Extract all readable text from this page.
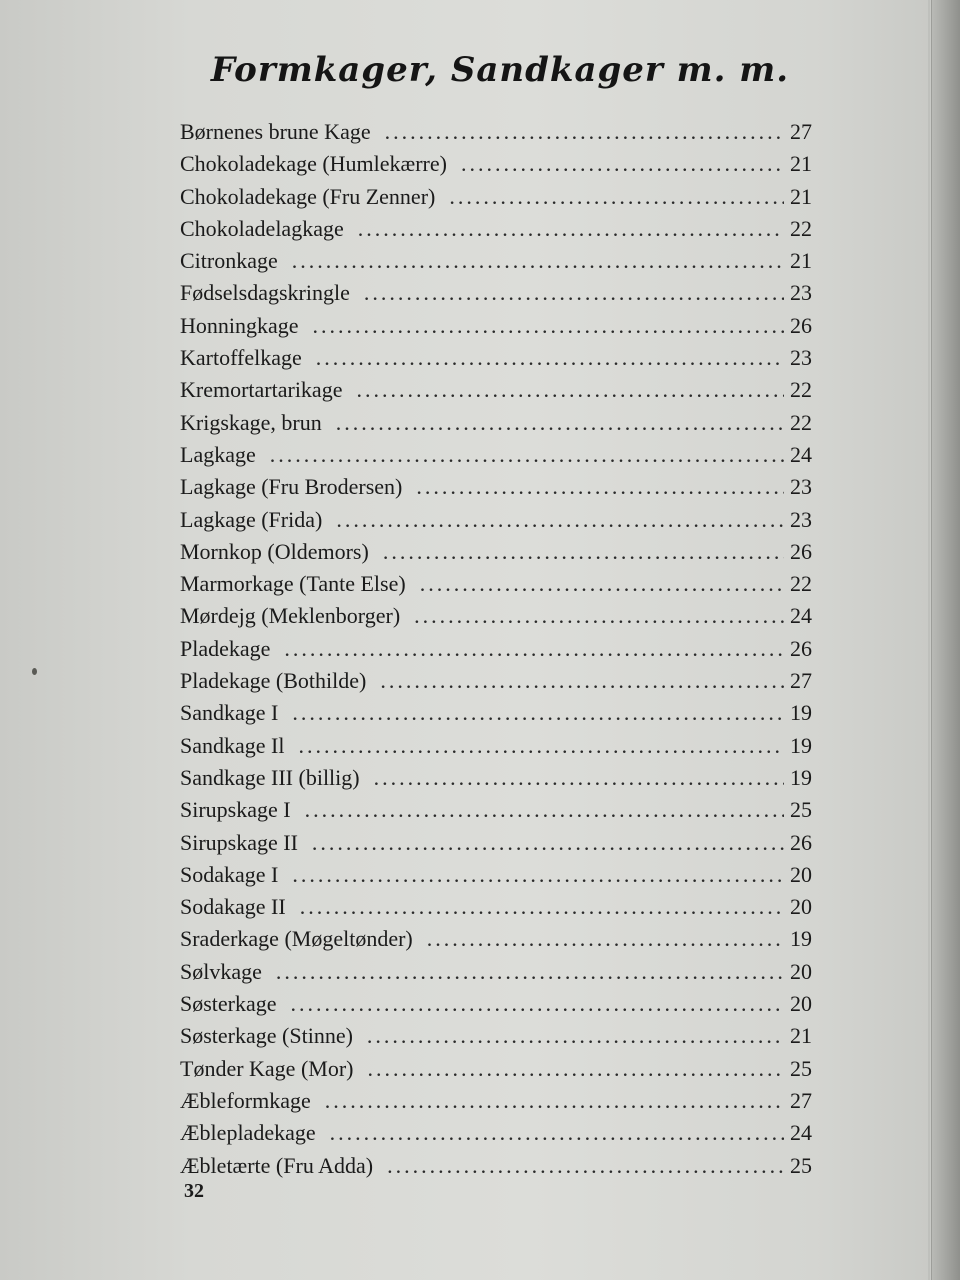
Formkager, Sandkager m. m.
Børnenes brune Kage .....	27
Chokoladekage (Humlekærre) .....	21
Chokoladekage (Fru Zenner) .....	21
Chokoladelagkage .....	22
Citronkage .....	21
Fødselsdagskringle .....	23
Honningkage .....	26
Kartoffelkage .....	23
Kremortartarikage .....	22
Krigskage, brun .....	22
Lagkage .....	24
Lagkage (Fru Brodersen) .....	23
Lagkage (Frida) .....	23
Mornkop (Oldemors) .....	26
Marmorkage (Tante Else) .....	22
Mørdejg (Meklenborger) .....	24
Pladekage .....	26
Pladekage (Bothilde) .....	27
Sandkage I .....	19
Sandkage Il .....	19
Sandkage III (billig) .....	19
Sirupskage I .....	25
Sirupskage II .....	26
Sodakage I .....	20
Sodakage II .....	20
Sraderkage (Møgeltønder) .....	19
Sølvkage .....	20
Søsterkage .....	20
Søsterkage (Stinne) .....	21
Tønder Kage (Mor) .....	25
Æbleformkage .....	27
Æblepladekage .....	24
Æbletærte (Fru Adda) .....	25
32
